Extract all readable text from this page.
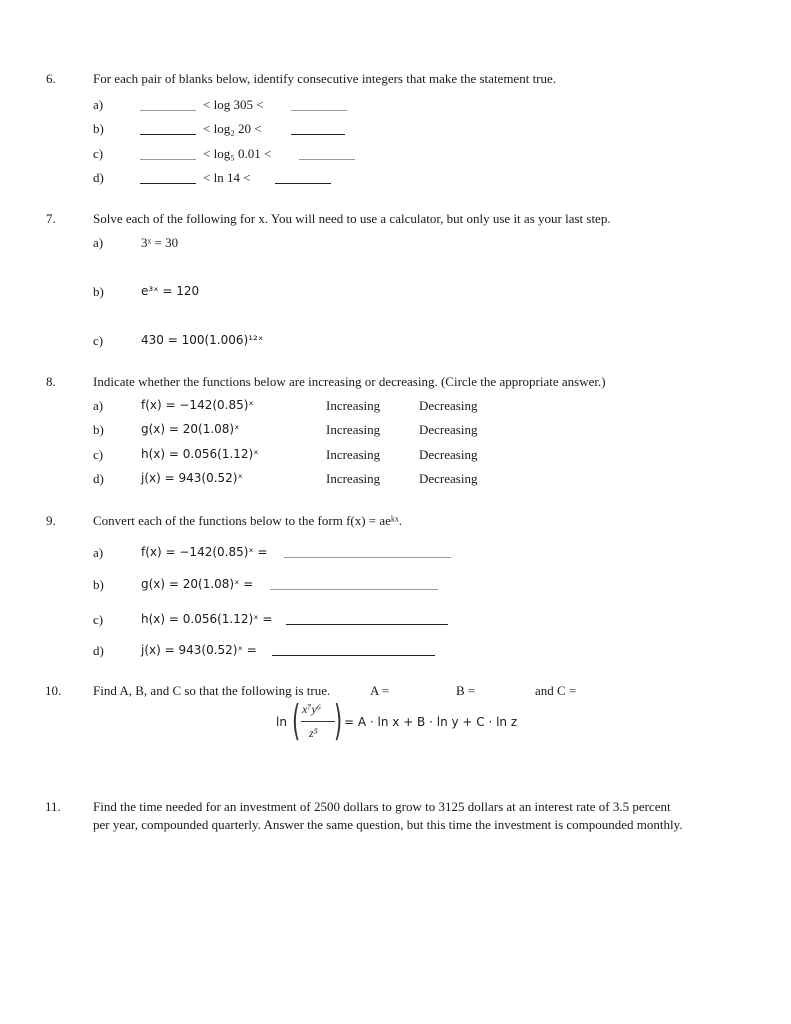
6.	For each pair of blanks below, identify consecutive integers that make the statement true.
a)	< log 305 <
b)	< log₂ 20 <
c)	< log₅ 0.01 <
d)	< ln 14 <
7.	Solve each of the following for x. You will need to use a calculator, but only use it as your last step.
a)	3ˣ = 30
b)	e³ˣ = 120
c)	430 = 100(1.006)¹²ˣ
8.	Indicate whether the functions below are increasing or decreasing. (Circle the appropriate answer.)
a)	f(x) = −142(0.85)ˣ	Increasing	Decreasing
b)	g(x) = 20(1.08)ˣ	Increasing	Decreasing
c)	h(x) = 0.056(1.12)ˣ	Increasing	Decreasing
d)	j(x) = 943(0.52)ˣ	Increasing	Decreasing
9.	Convert each of the functions below to the form f(x) = aeᵏˣ.
a)	f(x) = −142(0.85)ˣ =
b)	g(x) = 20(1.08)ˣ =
c)	h(x) = 0.056(1.12)ˣ =
d)	j(x) = 943(0.52)ˣ =
10. Find A, B, and C so that the following is true.	A =	B =	and C =
ln ( x⁷y⁶
z⁵ ) = A · ln x + B · ln y + C · ln z
11. Find the time needed for an investment of 2500 dollars to grow to 3125 dollars at an interest rate of 3.5 percent
per year, compounded quarterly. Answer the same question, but this time the investment is compounded monthly.
